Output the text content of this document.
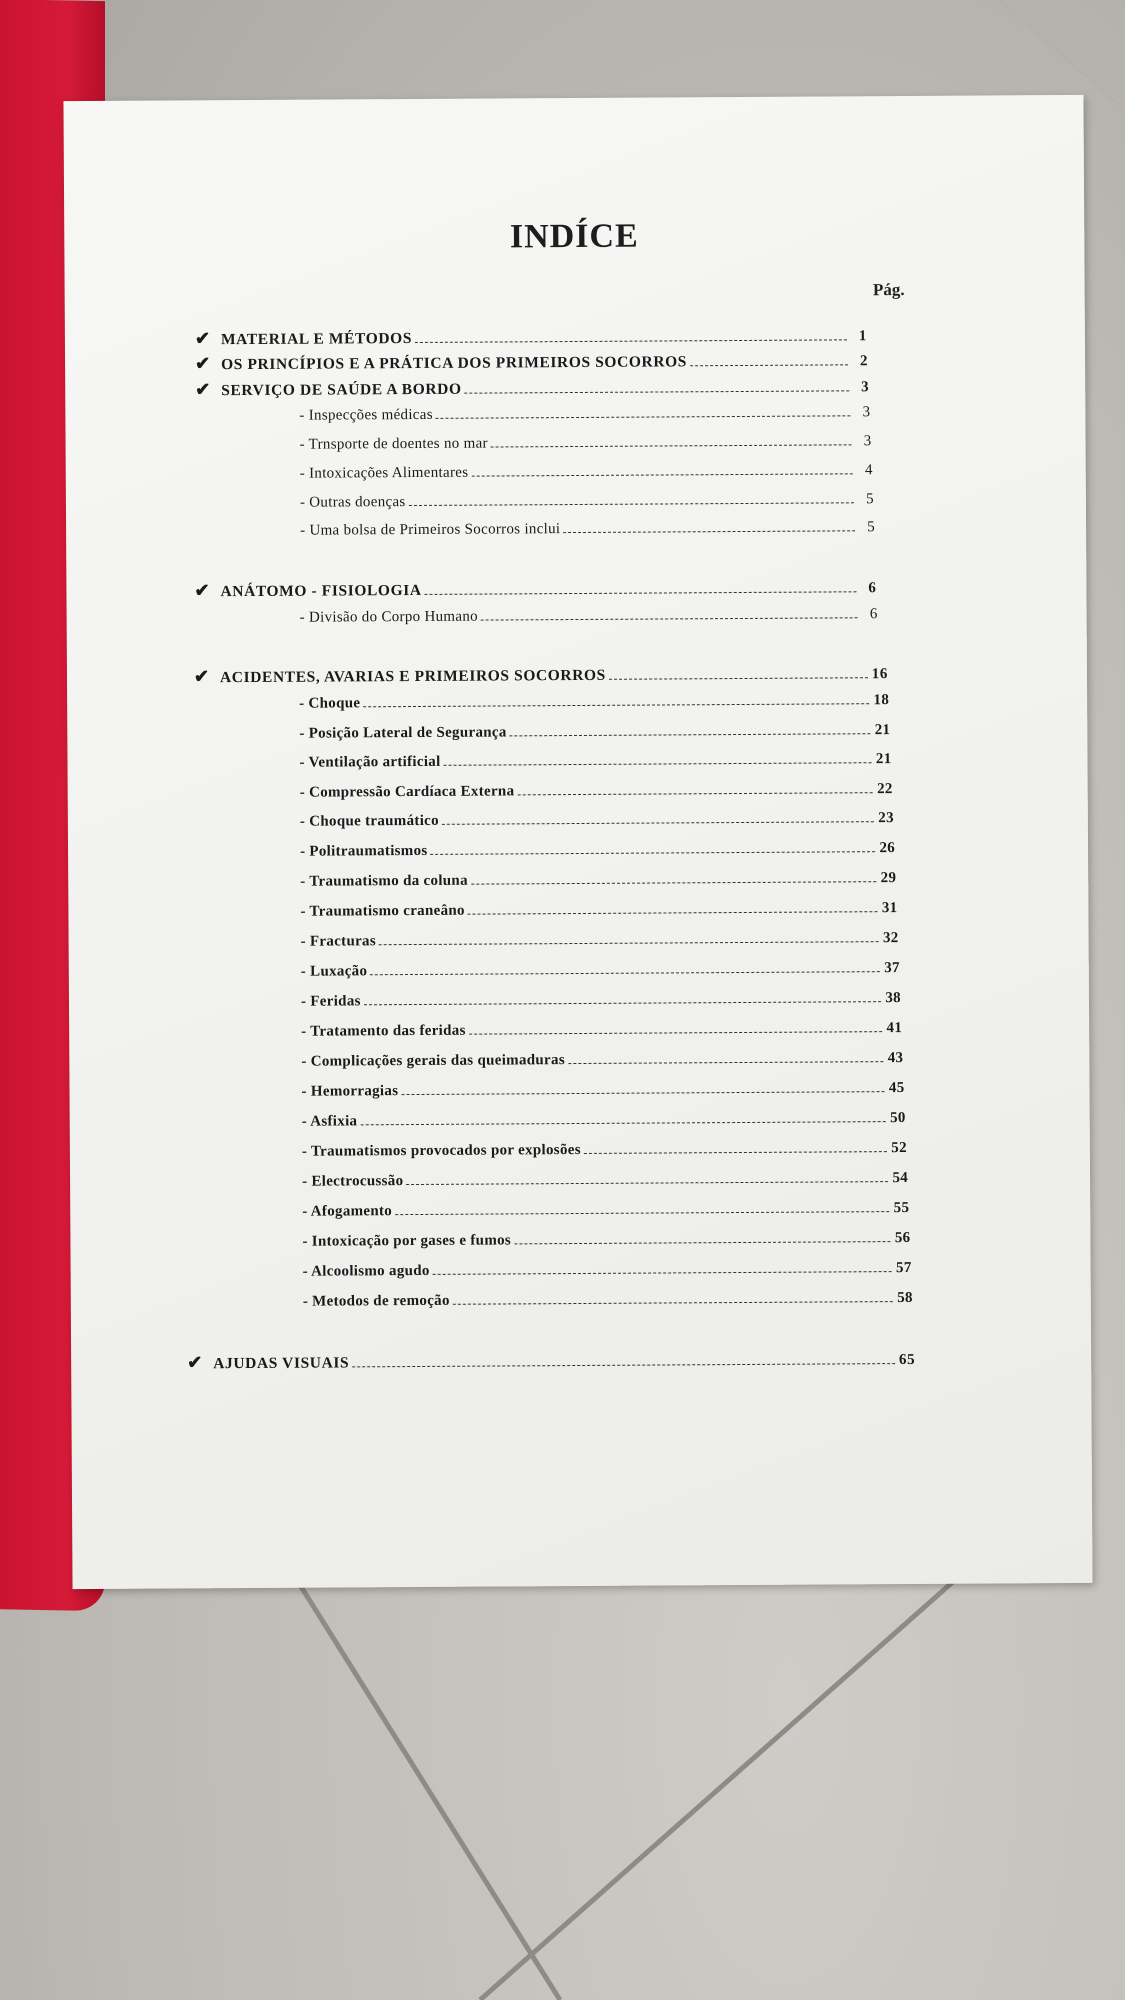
INDÍCE
Pág.
✔ MATERIAL E MÉTODOS	1
✔ OS PRINCÍPIOS E A PRÁTICA DOS PRIMEIROS SOCORROS	2
✔ SERVIÇO DE SAÚDE A BORDO	3
- Inspecções médicas	3
- Trnsporte de doentes no mar	3
- Intoxicações Alimentares	4
- Outras doenças	5
- Uma bolsa de Primeiros Socorros inclui	5
✔ ANÁTOMO - FISIOLOGIA	6
- Divisão do Corpo Humano	6
✔ ACIDENTES, AVARIAS E PRIMEIROS SOCORROS	16
- Choque	18
- Posição Lateral de Segurança	21
- Ventilação artificial	21
- Compressão Cardíaca Externa	22
- Choque traumático	23
- Politraumatismos	26
- Traumatismo da coluna	29
- Traumatismo craneâno	31
- Fracturas	32
- Luxação	37
- Feridas	38
- Tratamento das feridas	41
- Complicações gerais das queimaduras	43
- Hemorragias	45
- Asfixia	50
- Traumatismos provocados por explosões	52
- Electrocussão	54
- Afogamento	55
- Intoxicação por gases e fumos	56
- Alcoolismo agudo	57
- Metodos de remoção	58
✔ AJUDAS VISUAIS	65
